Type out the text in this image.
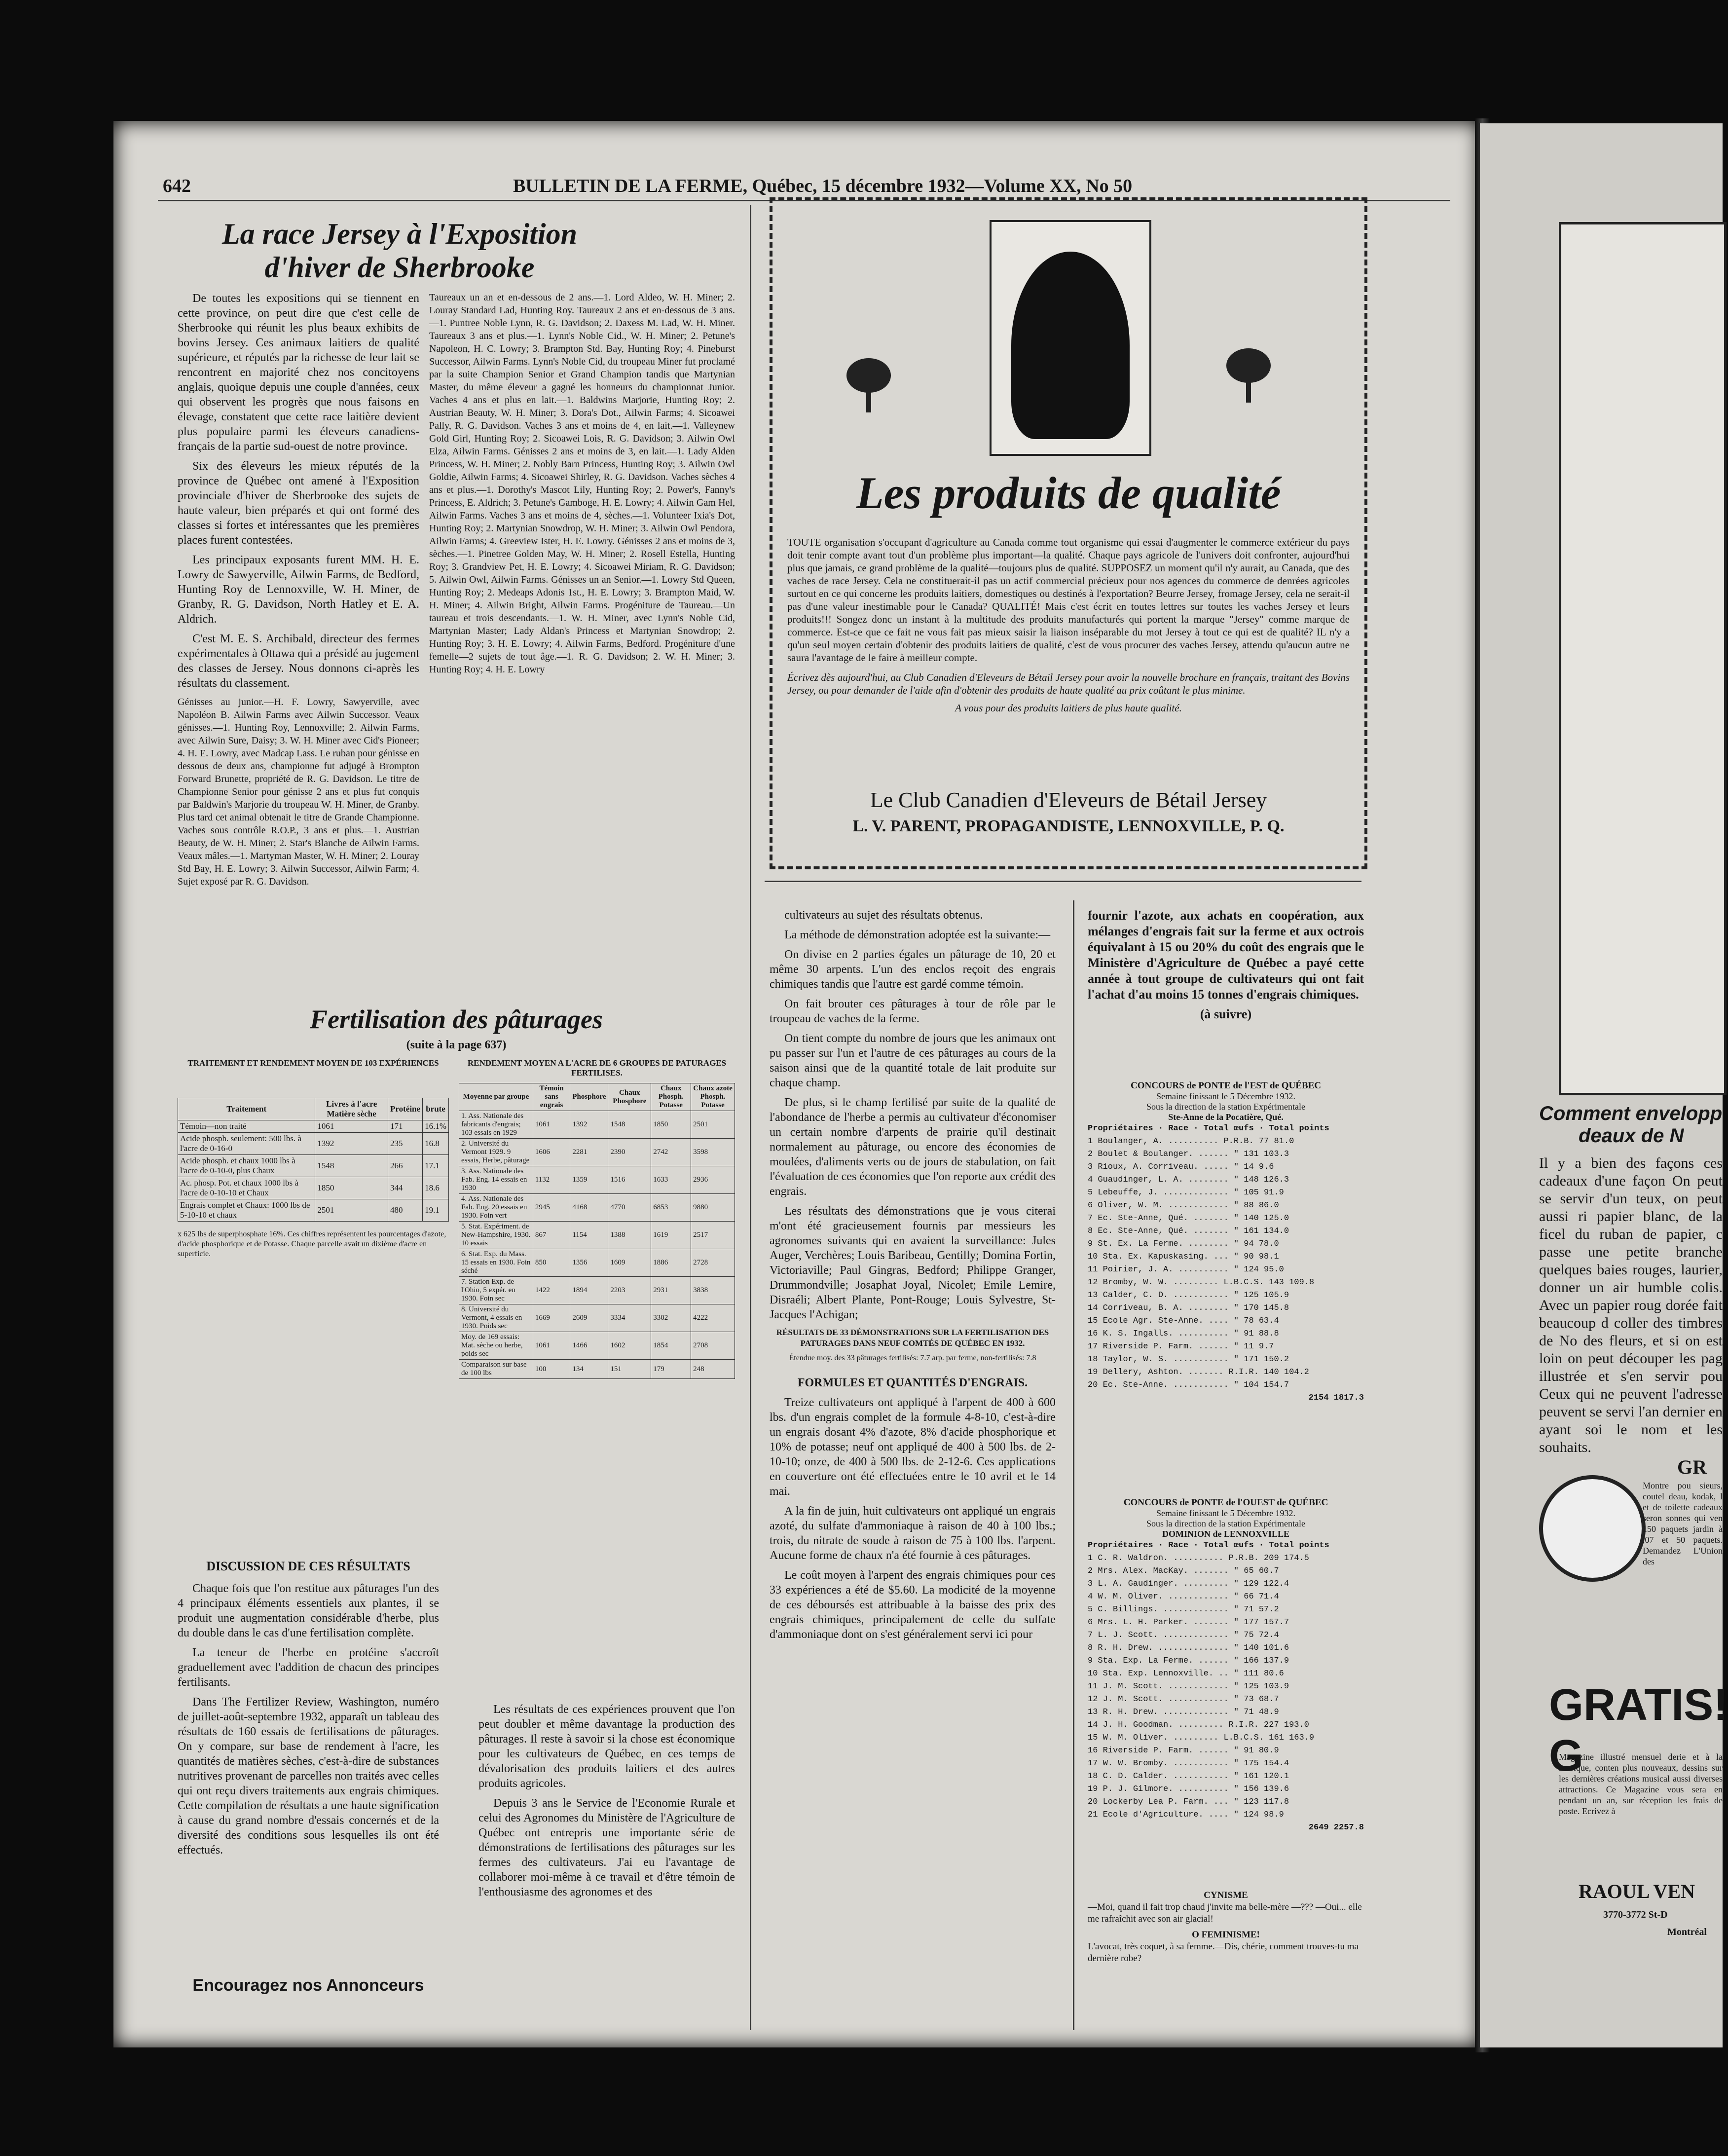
642	BULLETIN DE LA FERME, Québec, 15 décembre 1932—Volume XX, No 50
La race Jersey à l'Exposition d'hiver de Sherbrooke

De toutes les expositions qui se tiennent en cette province, on peut dire que c'est celle de Sherbrooke qui réunit les plus beaux exhibits de bovins Jersey. Ces animaux laitiers de qualité supérieure, et réputés par la richesse de leur lait se rencontrent en majorité chez nos concitoyens anglais, quoique depuis une couple d'années, ceux qui observent les progrès que nous faisons en élevage, constatent que cette race laitière devient plus populaire parmi les éleveurs canadiens-français de la partie sud-ouest de notre province.

Six des éleveurs les mieux réputés de la province de Québec ont amené à l'Exposition provinciale d'hiver de Sherbrooke des sujets de haute valeur, bien préparés et qui ont formé des classes si fortes et intéressantes que les premières places furent contestées.

Les principaux exposants furent MM. H. E. Lowry de Sawyerville, Ailwin Farms, de Bedford, Hunting Roy de Lennoxville, W. H. Miner, de Granby, R. G. Davidson, North Hatley et E. A. Aldrich.

C'est M. E. S. Archibald, directeur des fermes expérimentales à Ottawa qui a présidé au jugement des classes de Jersey. Nous donnons ci-après les résultats du classement.

Génisses au junior.—H. F. Lowry, Sawyerville, avec Napoléon B. Ailwin Farms avec Ailwin Successor. Veaux génisses.—1. Hunting Roy, Lennoxville; 2. Ailwin Farms, avec Ailwin Sure, Daisy; 3. W. H. Miner avec Cid's Pioneer; 4. H. E. Lowry, avec Madcap Lass. Le ruban pour génisse en dessous de deux ans, championne fut adjugé à Brompton Forward Brunette, propriété de R. G. Davidson. Le titre de Championne Senior pour génisse 2 ans et plus fut conquis par Baldwin's Marjorie du troupeau W. H. Miner, de Granby. Plus tard cet animal obtenait le titre de Grande Championne. Vaches sous contrôle R.O.P., 3 ans et plus.—1. Austrian Beauty, de W. H. Miner; 2. Star's Blanche de Ailwin Farms. Veaux mâles.—1. Martyman Master, W. H. Miner; 2. Louray Std Bay, H. E. Lowry; 3. Ailwin Successor, Ailwin Farm; 4. Sujet exposé par R. G. Davidson.
Taureaux un an et en-dessous de 2 ans.—1. Lord Aldeo, W. H. Miner; 2. Louray Standard Lad, Hunting Roy. Taureaux 2 ans et en-dessous de 3 ans.—1. Puntree Noble Lynn, R. G. Davidson; 2. Daxess M. Lad, W. H. Miner. Taureaux 3 ans et plus.—1. Lynn's Noble Cid., W. H. Miner; 2. Petune's Napoleon, H. C. Lowry; 3. Brampton Std. Bay, Hunting Roy; 4. Pineburst Successor, Ailwin Farms. Lynn's Noble Cid, du troupeau Miner fut proclamé par la suite Champion Senior et Grand Champion tandis que Martynian Master, du même éleveur a gagné les honneurs du championnat Junior. Vaches 4 ans et plus en lait.—1. Baldwins Marjorie, Hunting Roy; 2. Austrian Beauty, W. H. Miner; 3. Dora's Dot., Ailwin Farms; 4. Sicoawei Pally, R. G. Davidson. Vaches 3 ans et moins de 4, en lait.—1. Valleynew Gold Girl, Hunting Roy; 2. Sicoawei Lois, R. G. Davidson; 3. Ailwin Owl Elza, Ailwin Farms. Génisses 2 ans et moins de 3, en lait.—1. Lady Alden Princess, W. H. Miner; 2. Nobly Barn Princess, Hunting Roy; 3. Ailwin Owl Goldie, Ailwin Farms; 4. Sicoawei Shirley, R. G. Davidson. Vaches sèches 4 ans et plus.—1. Dorothy's Mascot Lily, Hunting Roy; 2. Power's, Fanny's Princess, E. Aldrich; 3. Petune's Gamboge, H. E. Lowry; 4. Ailwin Gam Hel, Ailwin Farms. Vaches 3 ans et moins de 4, sèches.—1. Volunteer Ixia's Dot, Hunting Roy; 2. Martynian Snowdrop, W. H. Miner; 3. Ailwin Owl Pendora, Ailwin Farms; 4. Greeview Ister, H. E. Lowry. Génisses 2 ans et moins de 3, sèches.—1. Pinetree Golden May, W. H. Miner; 2. Rosell Estella, Hunting Roy; 3. Grandview Pet, H. E. Lowry; 4. Sicoawei Miriam, R. G. Davidson; 5. Ailwin Owl, Ailwin Farms. Génisses un an Senior.—1. Lowry Std Queen, Hunting Roy; 2. Medeaps Adonis 1st., H. E. Lowry; 3. Brampton Maid, W. H. Miner; 4. Ailwin Bright, Ailwin Farms. Progéniture de Taureau.—Un taureau et trois descendants.—1. W. H. Miner, avec Lynn's Noble Cid, Martynian Master; Lady Aldan's Princess et Martynian Snowdrop; 2. Hunting Roy; 3. H. E. Lowry; 4. Ailwin Farms, Bedford. Progéniture d'une femelle—2 sujets de tout âge.—1. R. G. Davidson; 2. W. H. Miner; 3. Hunting Roy; 4. H. E. Lowry
Les produits de qualité
TOUTE organisation s'occupant d'agriculture au Canada comme tout organisme qui essai d'augmenter le commerce extérieur du pays doit tenir compte avant tout d'un problème plus important—la qualité. Chaque pays agricole de l'univers doit confronter, aujourd'hui plus que jamais, ce grand problème de la qualité—toujours plus de qualité. SUPPOSEZ un moment qu'il n'y aurait, au Canada, que des vaches de race Jersey. Cela ne constituerait-il pas un actif commercial précieux pour nos agences du commerce de denrées agricoles surtout en ce qui concerne les produits laitiers, domestiques ou destinés à l'exportation? Beurre Jersey, fromage Jersey, cela ne serait-il pas d'une valeur inestimable pour le Canada? QUALITÉ! Mais c'est écrit en toutes lettres sur toutes les vaches Jersey et leurs produits!!! Songez donc un instant à la multitude des produits manufacturés qui portent la marque "Jersey" comme marque de commerce. Est-ce que ce fait ne vous fait pas mieux saisir la liaison inséparable du mot Jersey à tout ce qui est de qualité? IL n'y a qu'un seul moyen certain d'obtenir des produits laitiers de qualité, c'est de vous procurer des vaches Jersey, attendu qu'aucun autre ne saura l'avantage de le faire à meilleur compte.
Écrivez dès aujourd'hui, au Club Canadien d'Eleveurs de Bétail Jersey pour avoir la nouvelle brochure en français, traitant des Bovins Jersey, ou pour demander de l'aide afin d'obtenir des produits de haute qualité au prix coûtant le plus minime.
A vous pour des produits laitiers de plus haute qualité.
Le Club Canadien d'Eleveurs de Bétail Jersey
L. V. PARENT, PROPAGANDISTE, LENNOXVILLE, P. Q.
Fertilisation des pâturages
(suite à la page 637)
TRAITEMENT ET RENDEMENT MOYEN DE 103 EXPÉRIENCES
Traitement	Livres à l'acre Matière sèche	Protéine	brute
Témoin—non traité	1061	171	16.1%
Acide phosph. seulement: 500 lbs. à l'acre de 0-16-0	1392	235	16.8
Acide phosph. et chaux 1000 lbs à l'acre de 0-10-0, plus Chaux	1548	266	17.1
Ac. phosp. Pot. et chaux 1000 lbs à l'acre de 0-10-10 et Chaux	1850	344	18.6
Engrais complet et Chaux: 1000 lbs de 5-10-10 et chaux	2501	480	19.1
x 625 lbs de superphosphate 16%. Ces chiffres représentent les pourcentages d'azote, d'acide phosphorique et de Potasse. Chaque parcelle avait un dixième d'acre en superficie.
RENDEMENT MOYEN A L'ACRE DE 6 GROUPES DE PATURAGES FERTILISES.
Moyenne par groupe	Témoin sans engrais	Phosphore	Chaux Phosphore	Chaux Phosph. Potasse	Chaux azote Phosph. Potasse
1. Ass. Nationale des fabricants d'engrais; 103 essais en 1929	1061	1392	1548	1850	2501
2. Université du Vermont 1929. 9 essais, Herbe, pâturage	1606	2281	2390	2742	3598
3. Ass. Nationale des Fab. Eng. 14 essais en 1930	1132	1359	1516	1633	2936
4. Ass. Nationale des Fab. Eng. 20 essais en 1930. Foin vert	2945	4168	4770	6853	9880
5. Stat. Expériment. de New-Hampshire, 1930. 10 essais	867	1154	1388	1619	2517
6. Stat. Exp. du Mass. 15 essais en 1930. Foin séché	850	1356	1609	1886	2728
7. Station Exp. de l'Ohio, 5 expér. en 1930. Foin sec	1422	1894	2203	2931	3838
8. Université du Vermont, 4 essais en 1930. Poids sec	1669	2609	3334	3302	4222
Moy. de 169 essais: Mat. sèche ou herbe, poids sec	1061	1466	1602	1854	2708
Comparaison sur base de 100 lbs	100	134	151	179	248
DISCUSSION DE CES RÉSULTATS

Chaque fois que l'on restitue aux pâturages l'un des 4 principaux éléments essentiels aux plantes, il se produit une augmentation considérable d'herbe, plus du double dans le cas d'une fertilisation complète.

La teneur de l'herbe en protéine s'accroît graduellement avec l'addition de chacun des principes fertilisants.

Dans The Fertilizer Review, Washington, numéro de juillet-août-septembre 1932, apparaît un tableau des résultats de 160 essais de fertilisations de pâturages. On y compare, sur base de rendement à l'acre, les quantités de matières sèches, c'est-à-dire de substances nutritives provenant de parcelles non traités avec celles qui ont reçu divers traitements aux engrais chimiques. Cette compilation de résultats a une haute signification à cause du grand nombre d'essais concernés et de la diversité des conditions sous lesquelles ils ont été effectués.

Les résultats de ces expériences prouvent que l'on peut doubler et même davantage la production des pâturages. Il reste à savoir si la chose est économique pour les cultivateurs de Québec, en ces temps de dévalorisation des produits laitiers et des autres produits agricoles.

Depuis 3 ans le Service de l'Economie Rurale et celui des Agronomes du Ministère de l'Agriculture de Québec ont entrepris une importante série de démonstrations de fertilisations des pâturages sur les fermes des cultivateurs. J'ai eu l'avantage de collaborer moi-même à ce travail et d'être témoin de l'enthousiasme des agronomes et des

Encouragez nos Annonceurs

cultivateurs au sujet des résultats obtenus.

La méthode de démonstration adoptée est la suivante:—

On divise en 2 parties égales un pâturage de 10, 20 et même 30 arpents. L'un des enclos reçoit des engrais chimiques tandis que l'autre est gardé comme témoin.

On fait brouter ces pâturages à tour de rôle par le troupeau de vaches de la ferme.

On tient compte du nombre de jours que les animaux ont pu passer sur l'un et l'autre de ces pâturages au cours de la saison ainsi que de la quantité totale de lait produite sur chaque champ.

De plus, si le champ fertilisé par suite de la qualité de l'abondance de l'herbe a permis au cultivateur d'économiser un certain nombre d'arpents de prairie qu'il destinait normalement au pâturage, ou encore des économies de moulées, d'aliments verts ou de jours de stabulation, on fait l'évaluation de ces économies que l'on reporte aux crédit des engrais.

Les résultats des démonstrations que je vous citerai m'ont été gracieusement fournis par messieurs les agronomes suivants qui en avaient la surveillance: Jules Auger, Verchères; Louis Baribeau, Gentilly; Domina Fortin, Victoriaville; Paul Gingras, Bedford; Philippe Granger, Drummondville; Josaphat Joyal, Nicolet; Emile Lemire, Disraéli; Albert Plante, Pont-Rouge; Louis Sylvestre, St-Jacques l'Achigan;

RÉSULTATS DE 33 DÉMONSTRATIONS SUR LA FERTILISATION DES PATURAGES DANS NEUF COMTÉS DE QUÉBEC EN 1932.
Étendue moy. des 33 pâturages fertilisés: 7.7 arp. par ferme, non-fertilisés: 7.8
FORMULES ET QUANTITÉS D'ENGRAIS.

Treize cultivateurs ont appliqué à l'arpent de 400 à 600 lbs. d'un engrais complet de la formule 4-8-10, c'est-à-dire un engrais dosant 4% d'azote, 8% d'acide phosphorique et 10% de potasse; neuf ont appliqué de 400 à 500 lbs. de 2-10-10; onze, de 400 à 500 lbs. de 2-12-6. Ces applications en couverture ont été effectuées entre le 10 avril et le 14 mai.

A la fin de juin, huit cultivateurs ont appliqué un engrais azoté, du sulfate d'ammoniaque à raison de 40 à 100 lbs.; trois, du nitrate de soude à raison de 75 à 100 lbs. l'arpent. Aucune forme de chaux n'a été fournie à ces pâturages.

Le coût moyen à l'arpent des engrais chimiques pour ces 33 expériences a été de $5.60. La modicité de la moyenne de ces déboursés est attribuable à la baisse des prix des engrais chimiques, principalement de celle du sulfate d'ammoniaque dont on s'est généralement servi ici pour

fournir l'azote, aux achats en coopération, aux mélanges d'engrais fait sur la ferme et aux octrois équivalant à 15 ou 20% du coût des engrais que le Ministère d'Agriculture de Québec a payé cette année à tout groupe de cultivateurs qui ont fait l'achat d'au moins 15 tonnes d'engrais chimiques.
(à suivre)
CONCOURS de PONTE de l'EST de QUÉBEC
Semaine finissant le 5 Décembre 1932.
Sous la direction de la station Expérimentale
Ste-Anne de la Pocatière, Qué.
Propriétaires · Race · Total œufs · Total points
1 Boulanger, A. .......... P.R.B. 77 81.0
2 Boulet & Boulanger. ...... " 131 103.3
3 Rioux, A. Corriveau. ..... " 14 9.6
4 Guaudinger, L. A. ........ " 148 126.3
5 Lebeuffe, J. ............. " 105 91.9
6 Oliver, W. M. ............ " 88 86.0
7 Ec. Ste-Anne, Qué. ....... " 140 125.0
8 Ec. Ste-Anne, Qué. ....... " 161 134.0
9 St. Ex. La Ferme. ........ " 94 78.0
10 Sta. Ex. Kapuskasing. ... " 90 98.1
11 Poirier, J. A. .......... " 124 95.0
12 Bromby, W. W. ......... L.B.C.S. 143 109.8
13 Calder, C. D. ........... " 125 105.9
14 Corriveau, B. A. ........ " 170 145.8
15 Ecole Agr. Ste-Anne. .... " 78 63.4
16 K. S. Ingalls. .......... " 91 88.8
17 Riverside P. Farm. ...... " 11 9.7
18 Taylor, W. S. ........... " 171 150.2
19 Dellery, Ashton. ....... R.I.R. 140 104.2
20 Ec. Ste-Anne. ........... " 104 154.7
2154 1817.3
CONCOURS de PONTE de l'OUEST de QUÉBEC
Semaine finissant le 5 Décembre 1932.
Sous la direction de la station Expérimentale
DOMINION de LENNOXVILLE
Propriétaires · Race · Total œufs · Total points
1 C. R. Waldron. .......... P.R.B. 209 174.5
2 Mrs. Alex. MacKay. ....... " 65 60.7
3 L. A. Gaudinger. ......... " 129 122.4
4 W. M. Oliver. ............ " 66 71.4
5 C. Billings. ............. " 71 57.2
6 Mrs. L. H. Parker. ....... " 177 157.7
7 L. J. Scott. ............. " 75 72.4
8 R. H. Drew. .............. " 140 101.6
9 Sta. Exp. La Ferme. ...... " 166 137.9
10 Sta. Exp. Lennoxville. .. " 111 80.6
11 J. M. Scott. ............ " 125 103.9
12 J. M. Scott. ............ " 73 68.7
13 R. H. Drew. ............. " 71 48.9
14 J. H. Goodman. ......... R.I.R. 227 193.0
15 W. M. Oliver. ......... L.B.C.S. 161 163.9
16 Riverside P. Farm. ...... " 91 80.9
17 W. W. Bromby. ........... " 175 154.4
18 C. D. Calder. ........... " 161 120.1
19 P. J. Gilmore. .......... " 156 139.6
20 Lockerby Lea P. Farm. ... " 123 117.8
21 Ecole d'Agriculture. .... " 124 98.9
2649 2257.8
CYNISME
—Moi, quand il fait trop chaud j'invite ma belle-mère —??? —Oui... elle me rafraîchit avec son air glacial!
O FEMINISME!
L'avocat, très coquet, à sa femme.—Dis, chérie, comment trouves-tu ma dernière robe?
Comment envelopp
deaux de N
Il y a bien des façons ces cadeaux d'une façon On peut se servir d'un teux, on peut aussi ri papier blanc, de la ficel du ruban de papier, c passe une petite branche quelques baies rouges, laurier, donner un air humble colis. Avec un papier roug dorée fait beaucoup d coller des timbres de No des fleurs, et si on est loin on peut découper les pag illustrée et s'en servir pou Ceux qui ne peuvent l'adresse peuvent se servi l'an dernier en ayant soi le nom et les souhaits.
GR
Montre pou sieurs, coutel deau, kodak, l et de toilette cadeaux seron sonnes qui ven 150 paquets jardin à .07 et 50 paquets. Demandez L'Union des
GRATIS! G
Magazine illustré mensuel derie et à la musique, conten plus nouveaux, dessins sur les dernières créations musical aussi diverses attractions. Ce Magazine vous sera en pendant un an, sur réception les frais de poste. Ecrivez à
RAOUL VEN
3770-3772 St-D
Montréal
